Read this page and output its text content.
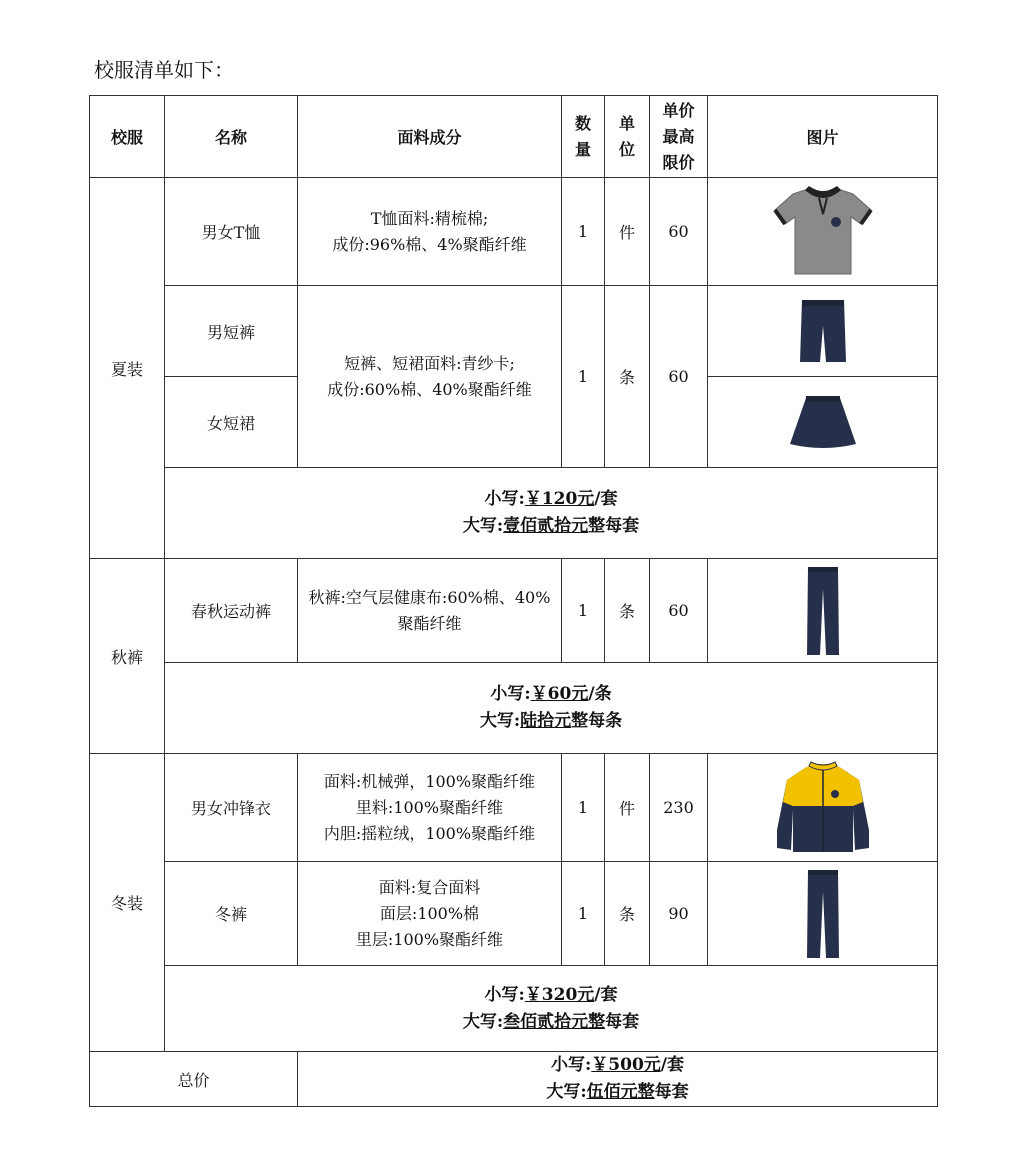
校服清单如下：
校服	名称	面料成分	数量	单位	单价最高限价	图片
夏装	男女T恤	T恤面料:精梳棉;
成份:96%棉、4%聚酯纤维	1	件	60	

	男短裤	短裤、短裙面料:青纱卡;
成份:60%棉、40%聚酯纤维	1	条	60	

	女短裙	

	小写:￥120元/套
大写:壹佰贰拾元整每套					

秋裤	春秋运动裤	秋裤:空气层健康布:60%棉、40%
聚酯纤维	1	条	60	

	小写:￥60元/条
大写:陆拾元整每条					

冬装	男女冲锋衣	面料:机械弹，100%聚酯纤维
里料:100%聚酯纤维
内胆:摇粒绒，100%聚酯纤维	1	件	230	

	冬裤	面料:复合面料
面层:100%棉
里层:100%聚酯纤维	1	条	90	

	小写:￥320元/套
大写:叁佰贰拾元整每套					

总价		小写:￥500元/套
大写:伍佰元整每套				
